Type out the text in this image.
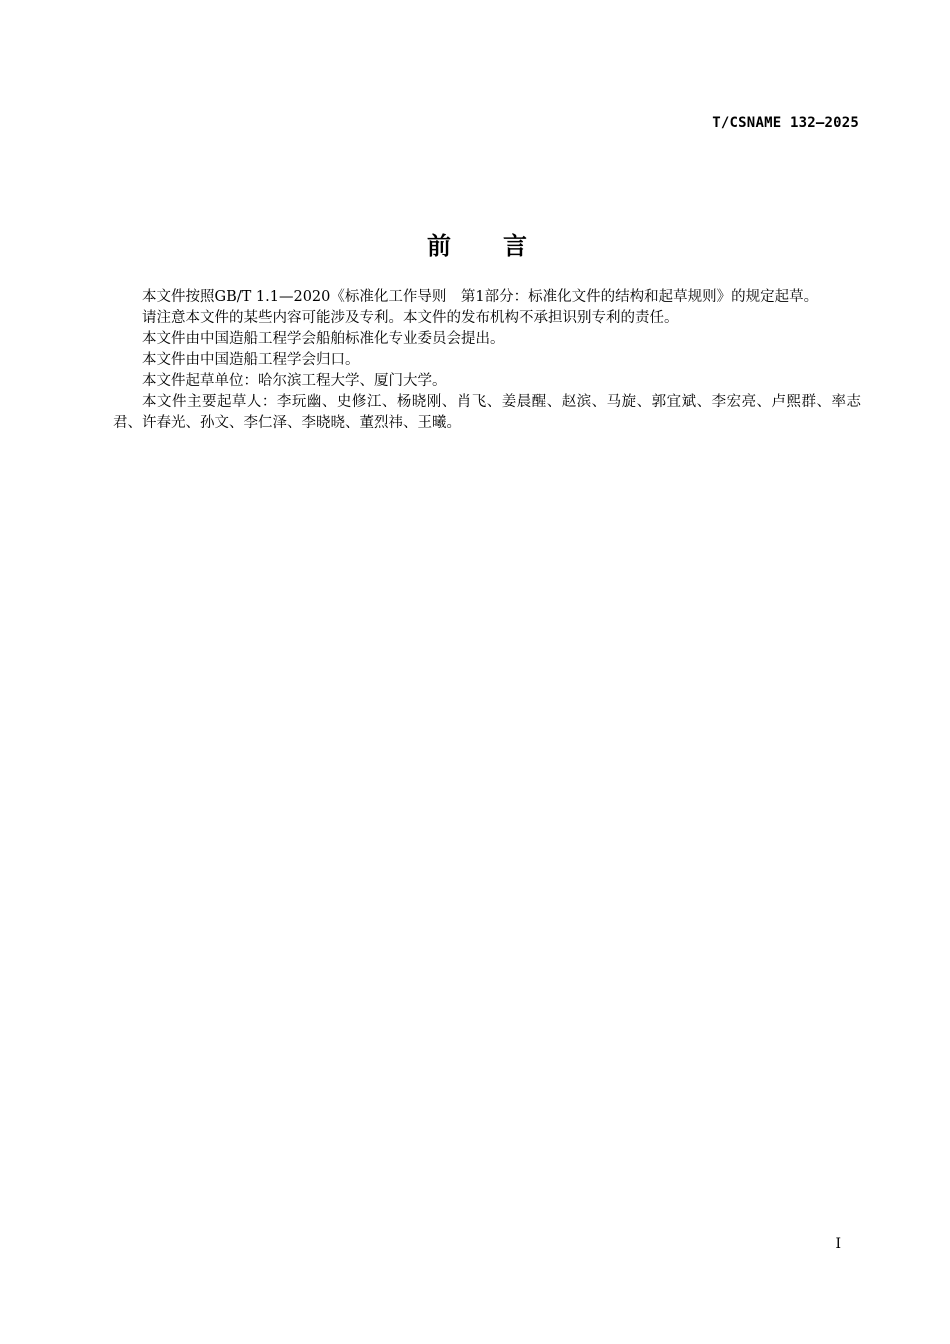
T/CSNAME 132—2025
前言

本文件按照GB/T 1.1—2020《标准化工作导则　第1部分：标准化文件的结构和起草规则》的规定起草。

请注意本文件的某些内容可能涉及专利。本文件的发布机构不承担识别专利的责任。

本文件由中国造船工程学会船舶标准化专业委员会提出。

本文件由中国造船工程学会归口。

本文件起草单位：哈尔滨工程大学、厦门大学。

本文件主要起草人：李玩幽、史修江、杨晓刚、肖飞、姜晨醒、赵滨、马旋、郭宜斌、李宏亮、卢熙群、率志君、许春光、孙文、李仁泽、李晓晓、董烈祎、王曦。

I
